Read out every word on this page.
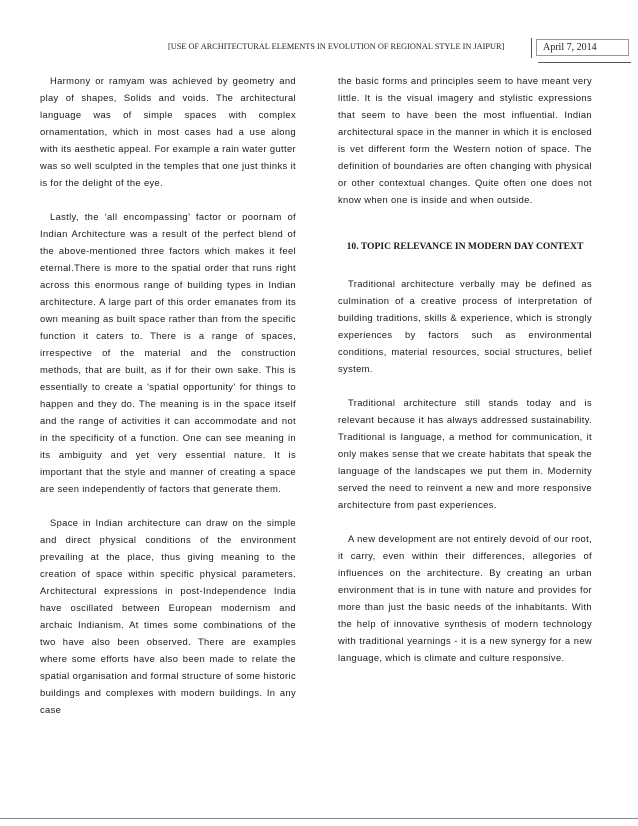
[USE OF ARCHITECTURAL ELEMENTS IN EVOLUTION OF REGIONAL STYLE IN JAIPUR]	April 7, 2014

Harmony or ramyam was achieved by geometry and play of shapes, Solids and voids. The architectural language was of simple spaces with complex ornamentation, which in most cases had a use along with its aesthetic appeal. For example a rain water gutter was so well sculpted in the temples that one just thinks it is for the delight of the eye.

Lastly, the ‘all encompassing’ factor or poornam of Indian Architecture was a result of the perfect blend of the above-mentioned three factors which makes it feel eternal.There is more to the spatial order that runs right across this enormous range of building types in Indian architecture. A large part of this order emanates from its own meaning as built space rather than from the specific function it caters to. There is a range of spaces, irrespective of the material and the construction methods, that are built, as if for their own sake. This is essentially to create a 'spatial opportunity' for things to happen and they do. The meaning is in the space itself and the range of activities it can accommodate and not in the specificity of a function. One can see meaning in its ambiguity and yet very essential nature. It is important that the style and manner of creating a space are seen independently of factors that generate them.

Space in Indian architecture can draw on the simple and direct physical conditions of the environment prevailing at the place, thus giving meaning to the creation of space within specific physical parameters. Architectural expressions in post-Independence India have oscillated between European modernism and archaic Indianism. At times some combinations of the two have also been observed. There are examples where some efforts have also been made to relate the spatial organisation and formal structure of some historic buildings and complexes with modern buildings. In any case

the basic forms and principles seem to have meant very little. It is the visual imagery and stylistic expressions that seem to have been the most influential. Indian architectural space in the manner in which it is enclosed is vet different form the Western notion of space. The definition of boundaries are often changing with physical or other contextual changes. Quite often one does not know when one is inside and when outside.

10. TOPIC RELEVANCE IN MODERN DAY CONTEXT

Traditional architecture verbally may be defined as culmination of a creative process of interpretation of building traditions, skills & experience, which is strongly experiences by factors such as environmental conditions, material resources, social structures, belief system.

Traditional architecture still stands today and is relevant because it has always addressed sustainability. Traditional is language, a method for communication, it only makes sense that we create habitats that speak the language of the landscapes we put them in. Modernity served the need to reinvent a new and more responsive architecture from past experiences.

A new development are not entirely devoid of our root, it carry, even within their differences, allegories of influences on the architecture. By creating an urban environment that is in tune with nature and provides for more than just the basic needs of the inhabitants. With the help of innovative synthesis of modern technology with traditional yearnings - it is a new synergy for a new language, which is climate and culture responsive.
